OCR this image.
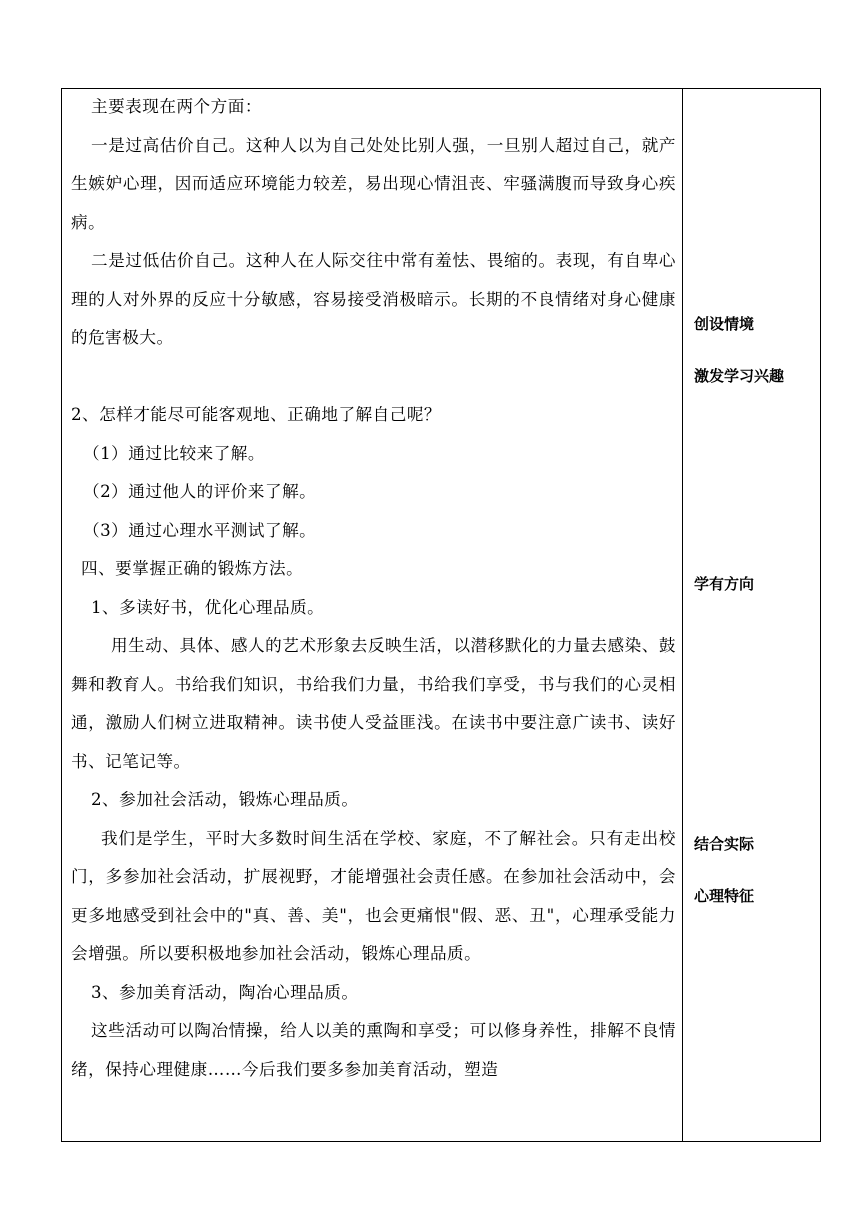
主要表现在两个方面：

一是过高估价自己。这种人以为自己处处比别人强，一旦别人超过自己，就产生嫉妒心理，因而适应环境能力较差，易出现心情沮丧、牢骚满腹而导致身心疾病。

二是过低估价自己。这种人在人际交往中常有羞怯、畏缩的。表现，有自卑心理的人对外界的反应十分敏感，容易接受消极暗示。长期的不良情绪对身心健康的危害极大。

2、怎样才能尽可能客观地、正确地了解自己呢？

（1）通过比较来了解。

（2）通过他人的评价来了解。

（3）通过心理水平测试了解。

四、要掌握正确的锻炼方法。

1、多读好书，优化心理品质。

用生动、具体、感人的艺术形象去反映生活，以潜移默化的力量去感染、鼓舞和教育人。书给我们知识，书给我们力量，书给我们享受，书与我们的心灵相通，激励人们树立进取精神。读书使人受益匪浅。在读书中要注意广读书、读好书、记笔记等。

2、参加社会活动，锻炼心理品质。

我们是学生，平时大多数时间生活在学校、家庭，不了解社会。只有走出校门，多参加社会活动，扩展视野，才能增强社会责任感。在参加社会活动中，会更多地感受到社会中的"真、善、美"，也会更痛恨"假、恶、丑"，心理承受能力会增强。所以要积极地参加社会活动，锻炼心理品质。

3、参加美育活动，陶冶心理品质。

这些活动可以陶冶情操，给人以美的熏陶和享受；可以修身养性，排解不良情绪，保持心理健康……今后我们要多参加美育活动，塑造

创设情境
激发学习兴趣
学有方向
结合实际
心理特征
